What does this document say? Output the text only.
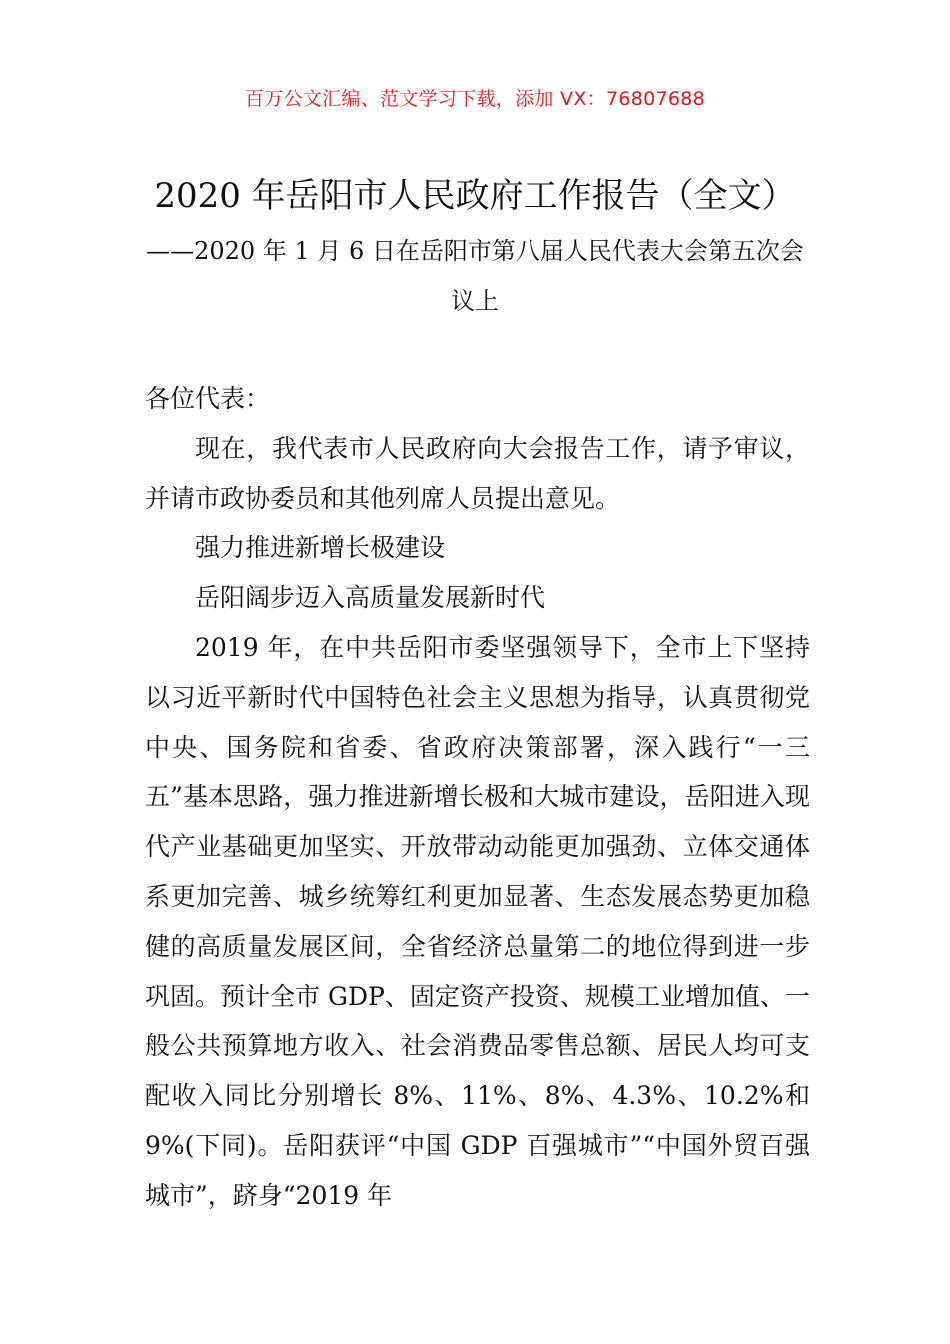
百万公文汇编、范文学习下载，添加 VX：76807688
2020 年岳阳市人民政府工作报告（全文）
——2020 年 1 月 6 日在岳阳市第八届人民代表大会第五次会议上

各位代表：

现在，我代表市人民政府向大会报告工作，请予审议，并请市政协委员和其他列席人员提出意见。

强力推进新增长极建设

岳阳阔步迈入高质量发展新时代

2019 年，在中共岳阳市委坚强领导下，全市上下坚持以习近平新时代中国特色社会主义思想为指导，认真贯彻党中央、国务院和省委、省政府决策部署，深入践行“一三五”基本思路，强力推进新增长极和大城市建设，岳阳进入现代产业基础更加坚实、开放带动动能更加强劲、立体交通体系更加完善、城乡统筹红利更加显著、生态发展态势更加稳健的高质量发展区间，全省经济总量第二的地位得到进一步巩固。预计全市 GDP、固定资产投资、规模工业增加值、一般公共预算地方收入、社会消费品零售总额、居民人均可支配收入同比分别增长 8%、11%、8%、4.3%、10.2%和 9%(下同)。岳阳获评“中国 GDP 百强城市”“中国外贸百强城市”，跻身“2019 年
